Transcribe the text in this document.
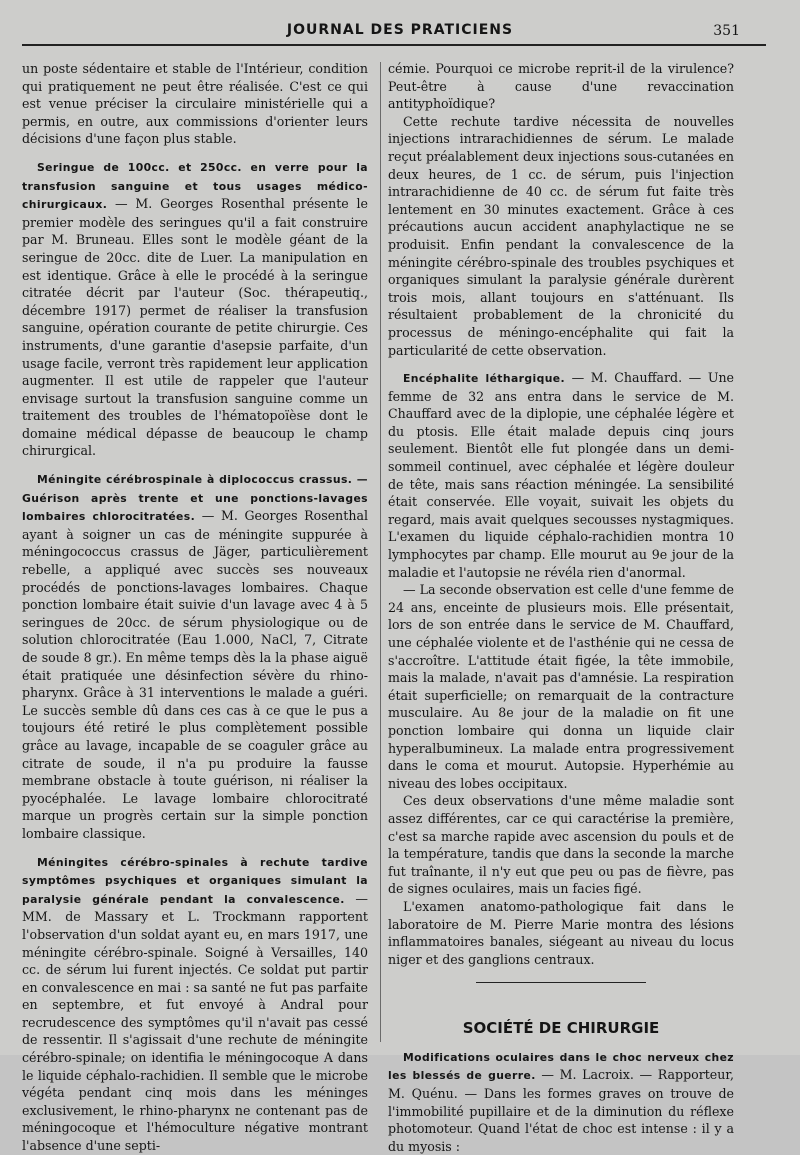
JOURNAL DES PRATICIENS	351

un poste sédentaire et stable de l'Intérieur, condition qui pratiquement ne peut être réalisée. C'est ce qui est venue préciser la circulaire ministérielle qui a permis, en outre, aux commissions d'orienter leurs décisions d'une façon plus stable.

Seringue de 100cc. et 250cc. en verre pour la transfusion sanguine et tous usages médico-chirurgicaux. — M. Georges Rosenthal présente le premier modèle des seringues qu'il a fait construire par M. Bruneau. Elles sont le modèle géant de la seringue de 20cc. dite de Luer. La manipulation en est identique. Grâce à elle le procédé à la seringue citratée décrit par l'auteur (Soc. thérapeutiq., décembre 1917) permet de réaliser la transfusion sanguine, opération courante de petite chirurgie. Ces instruments, d'une garantie d'asepsie parfaite, d'un usage facile, verront très rapidement leur application augmenter. Il est utile de rappeler que l'auteur envisage surtout la transfusion sanguine comme un traitement des troubles de l'hématopoïèse dont le domaine médical dépasse de beaucoup le champ chirurgical.

Méningite cérébrospinale à diplococcus crassus. — Guérison après trente et une ponctions-lavages lombaires chlorocitratées. — M. Georges Rosenthal ayant à soigner un cas de méningite suppurée à méningococcus crassus de Jäger, particulièrement rebelle, a appliqué avec succès ses nouveaux procédés de ponctions-lavages lombaires. Chaque ponction lombaire était suivie d'un lavage avec 4 à 5 seringues de 20cc. de sérum physiologique ou de solution chlorocitratée (Eau 1.000, NaCl, 7, Citrate de soude 8 gr.). En même temps dès la la phase aiguë était pratiquée une désinfection sévère du rhino-pharynx. Grâce à 31 interventions le malade a guéri. Le succès semble dû dans ces cas à ce que le pus a toujours été retiré le plus complètement possible grâce au lavage, incapable de se coaguler grâce au citrate de soude, il n'a pu produire la fausse membrane obstacle à toute guérison, ni réaliser la pyocéphalée. Le lavage lombaire chlorocitraté marque un progrès certain sur la simple ponction lombaire classique.

Méningites cérébro-spinales à rechute tardive symptômes psychiques et organiques simulant la paralysie générale pendant la convalescence. — MM. de Massary et L. Trockmann rapportent l'observation d'un soldat ayant eu, en mars 1917, une méningite cérébro-spinale. Soigné à Versailles, 140 cc. de sérum lui furent injectés. Ce soldat put partir en convalescence en mai : sa santé ne fut pas parfaite en septembre, et fut envoyé à Andral pour recrudescence des symptômes qu'il n'avait pas cessé de ressentir. Il s'agissait d'une rechute de méningite cérébro-spinale; on identifia le méningocoque A dans le liquide céphalo-rachidien. Il semble que le microbe végéta pendant cinq mois dans les méninges exclusivement, le rhino-pharynx ne contenant pas de méningocoque et l'hémoculture négative montrant l'absence d'une septi-

cémie. Pourquoi ce microbe reprit-il de la virulence? Peut-être à cause d'une revaccination antityphoïdique?

Cette rechute tardive nécessita de nouvelles injections intrarachidiennes de sérum. Le malade reçut préalablement deux injections sous-cutanées en deux heures, de 1 cc. de sérum, puis l'injection intrarachidienne de 40 cc. de sérum fut faite très lentement en 30 minutes exactement. Grâce à ces précautions aucun accident anaphylactique ne se produisit. Enfin pendant la convalescence de la méningite cérébro-spinale des troubles psychiques et organiques simulant la paralysie générale durèrent trois mois, allant toujours en s'atténuant. Ils résultaient probablement de la chronicité du processus de méningo-encéphalite qui fait la particularité de cette observation.

Encéphalite léthargique. — M. Chauffard. — Une femme de 32 ans entra dans le service de M. Chauffard avec de la diplopie, une céphalée légère et du ptosis. Elle était malade depuis cinq jours seulement. Bientôt elle fut plongée dans un demi-sommeil continuel, avec céphalée et légère douleur de tête, mais sans réaction méningée. La sensibilité était conservée. Elle voyait, suivait les objets du regard, mais avait quelques secousses nystagmiques. L'examen du liquide céphalo-rachidien montra 10 lymphocytes par champ. Elle mourut au 9e jour de la maladie et l'autopsie ne révéla rien d'anormal.

— La seconde observation est celle d'une femme de 24 ans, enceinte de plusieurs mois. Elle présentait, lors de son entrée dans le service de M. Chauffard, une céphalée violente et de l'asthénie qui ne cessa de s'accroître. L'attitude était figée, la tête immobile, mais la malade, n'avait pas d'amnésie. La respiration était superficielle; on remarquait de la contracture musculaire. Au 8e jour de la maladie on fit une ponction lombaire qui donna un liquide clair hyperalbumineux. La malade entra progressivement dans le coma et mourut. Autopsie. Hyperhémie au niveau des lobes occipitaux.

Ces deux observations d'une même maladie sont assez différentes, car ce qui caractérise la première, c'est sa marche rapide avec ascension du pouls et de la température, tandis que dans la seconde la marche fut traînante, il n'y eut que peu ou pas de fièvre, pas de signes oculaires, mais un facies figé.

L'examen anatomo-pathologique fait dans le laboratoire de M. Pierre Marie montra des lésions inflammatoires banales, siégeant au niveau du locus niger et des ganglions centraux.

SOCIÉTÉ DE CHIRURGIE

Modifications oculaires dans le choc nerveux chez les blessés de guerre. — M. Lacroix. — Rapporteur, M. Quénu. — Dans les formes graves on trouve de l'immobilité pupillaire et de la diminution du réflexe photomoteur. Quand l'état de choc est intense : il y a du myosis :
